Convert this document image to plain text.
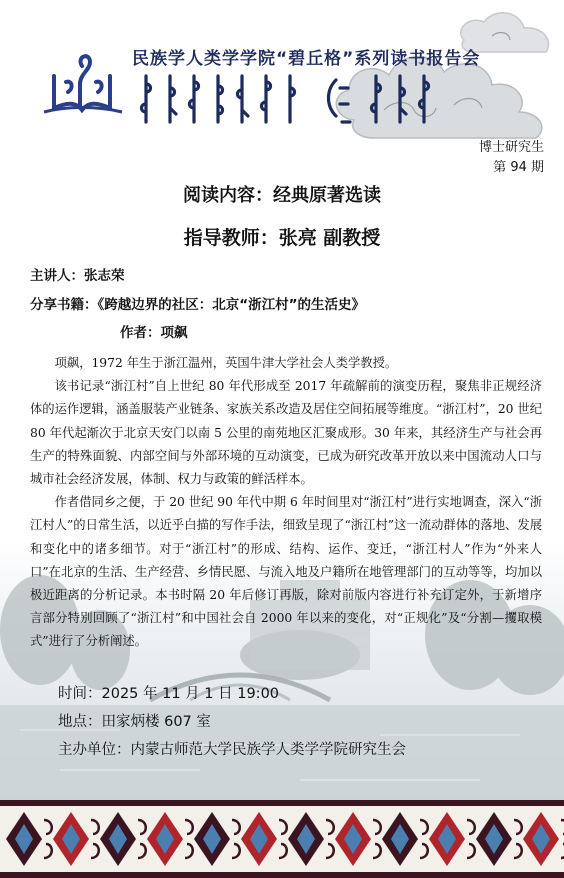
民族学人类学学院“碧丘格”系列读书报告会
博士研究生
第 94 期
阅读内容：经典原著选读
指导教师：张亮 副教授
主讲人：张志荣
分享书籍：《跨越边界的社区：北京“浙江村”的生活史》
作者：项飙

项飙，1972 年生于浙江温州，英国牛津大学社会人类学教授。

该书记录“浙江村”自上世纪 80 年代形成至 2017 年疏解前的演变历程，聚焦非正规经济体的运作逻辑，涵盖服装产业链条、家族关系改造及居住空间拓展等维度。“浙江村”，20 世纪 80 年代起渐次于北京天安门以南 5 公里的南苑地区汇聚成形。30 年来，其经济生产与社会再生产的特殊面貌、内部空间与外部环境的互动演变，已成为研究改革开放以来中国流动人口与城市社会经济发展，体制、权力与政策的鲜活样本。

作者借同乡之便，于 20 世纪 90 年代中期 6 年时间里对“浙江村”进行实地调查，深入“浙江村人”的日常生活，以近乎白描的写作手法，细致呈现了“浙江村”这一流动群体的落地、发展和变化中的诸多细节。对于“浙江村”的形成、结构、运作、变迁，“浙江村人”作为“外来人口”在北京的生活、生产经营、乡情民愿、与流入地及户籍所在地管理部门的互动等等，均加以极近距离的分析记录。本书时隔 20 年后修订再版，除对前版内容进行补充订定外，于新增序言部分特别回顾了“浙江村”和中国社会自 2000 年以来的变化，对“正规化”及“分割—攫取模式”进行了分析阐述。

时间：2025 年 11 月 1 日 19:00
地点：田家炳楼 607 室
主办单位：内蒙古师范大学民族学人类学学院研究生会
